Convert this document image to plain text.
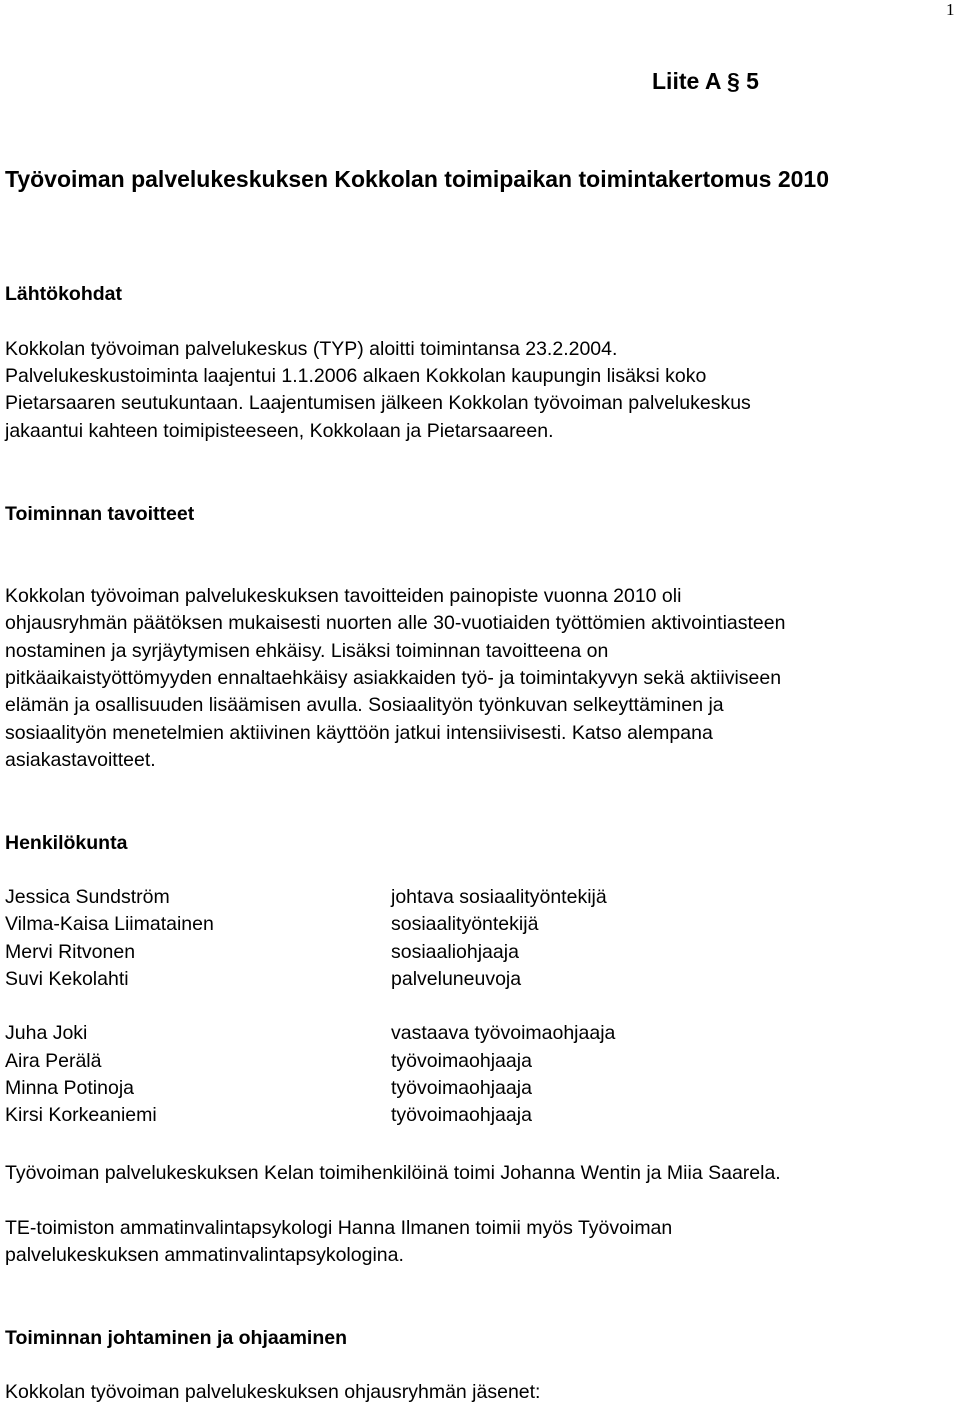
1
Liite A § 5
Työvoiman palvelukeskuksen Kokkolan toimipaikan toimintakertomus 2010
Lähtökohdat

Kokkolan työvoiman palvelukeskus (TYP) aloitti toimintansa 23.2.2004.

Palvelukeskustoiminta laajentui 1.1.2006 alkaen Kokkolan kaupungin lisäksi koko

Pietarsaaren seutukuntaan. Laajentumisen jälkeen Kokkolan työvoiman palvelukeskus

jakaantui kahteen toimipisteeseen, Kokkolaan ja Pietarsaareen.

Toiminnan tavoitteet

Kokkolan työvoiman palvelukeskuksen tavoitteiden painopiste vuonna 2010 oli

ohjausryhmän päätöksen mukaisesti nuorten alle 30-vuotiaiden työttömien aktivointiasteen

nostaminen ja syrjäytymisen ehkäisy. Lisäksi toiminnan tavoitteena on

pitkäaikaistyöttömyyden ennaltaehkäisy asiakkaiden työ- ja toimintakyvyn sekä aktiiviseen

elämän ja osallisuuden lisäämisen avulla. Sosiaalityön työnkuvan selkeyttäminen ja

sosiaalityön menetelmien aktiivinen käyttöön jatkui intensiivisesti. Katso alempana

asiakastavoitteet.

Henkilökunta
Jessica Sundström	johtava sosiaalityöntekijä
Vilma-Kaisa Liimatainen	sosiaalityöntekijä
Mervi Ritvonen	sosiaaliohjaaja
Suvi Kekolahti	palveluneuvoja
Juha Joki	vastaava työvoimaohjaaja
Aira Perälä	työvoimaohjaaja
Minna Potinoja	työvoimaohjaaja
Kirsi Korkeaniemi	työvoimaohjaaja

Työvoiman palvelukeskuksen Kelan toimihenkilöinä toimi Johanna Wentin ja Miia Saarela.

TE-toimiston ammatinvalintapsykologi Hanna Ilmanen toimii myös Työvoiman

palvelukeskuksen ammatinvalintapsykologina.

Toiminnan johtaminen ja ohjaaminen

Kokkolan työvoiman palvelukeskuksen ohjausryhmän jäsenet:
